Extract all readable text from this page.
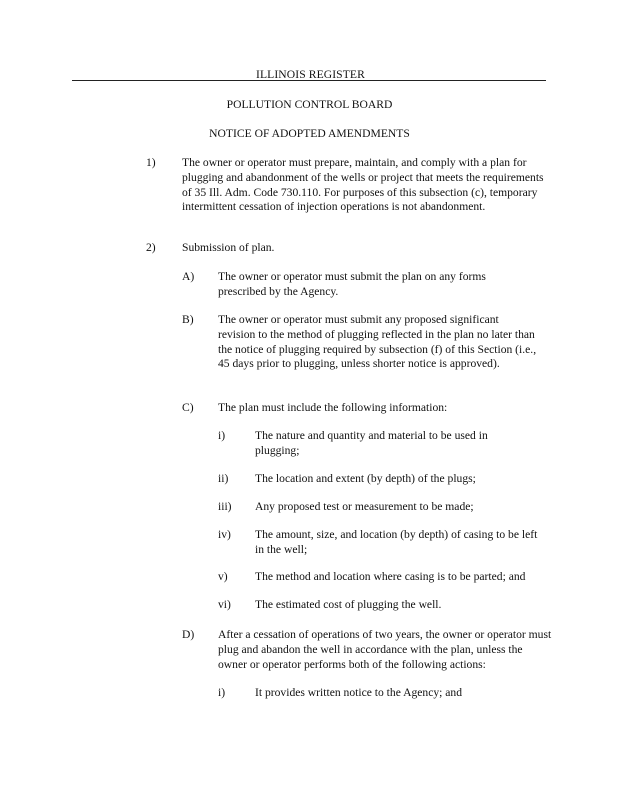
ILLINOIS REGISTER
POLLUTION CONTROL BOARD
NOTICE OF ADOPTED AMENDMENTS
1) The owner or operator must prepare, maintain, and comply with a plan for plugging and abandonment of the wells or project that meets the requirements of 35 Ill. Adm. Code 730.110. For purposes of this subsection (c), temporary intermittent cessation of injection operations is not abandonment.
2) Submission of plan.
A) The owner or operator must submit the plan on any forms prescribed by the Agency.
B) The owner or operator must submit any proposed significant revision to the method of plugging reflected in the plan no later than the notice of plugging required by subsection (f) of this Section (i.e., 45 days prior to plugging, unless shorter notice is approved).
C) The plan must include the following information:
i)	The nature and quantity and material to be used in plugging;
ii) The location and extent (by depth) of the plugs;
iii) Any proposed test or measurement to be made;
iv) The amount, size, and location (by depth) of casing to be left in the well;
v) The method and location where casing is to be parted; and
vi) The estimated cost of plugging the well.
D) After a cessation of operations of two years, the owner or operator must plug and abandon the well in accordance with the plan, unless the owner or operator performs both of the following actions:
i)	It provides written notice to the Agency; and
